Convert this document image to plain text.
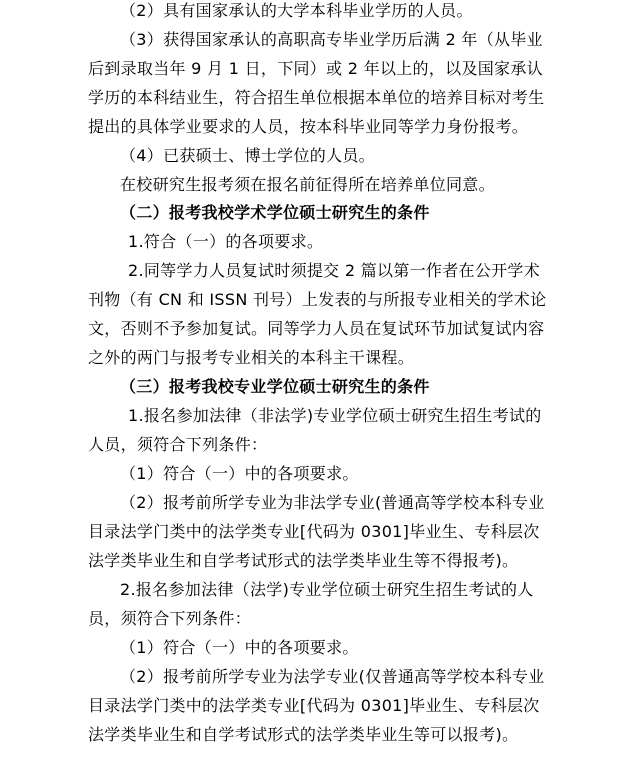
（2）具有国家承认的大学本科毕业学历的人员。
（3）获得国家承认的高职高专毕业学历后满 2 年（从毕业
后到录取当年 9 月 1 日，下同）或 2 年以上的，以及国家承认
学历的本科结业生，符合招生单位根据本单位的培养目标对考生
提出的具体学业要求的人员，按本科毕业同等学力身份报考。
（4）已获硕士、博士学位的人员。
在校研究生报考须在报名前征得所在培养单位同意。
（二）报考我校学术学位硕士研究生的条件
1.符合（一）的各项要求。
2.同等学力人员复试时须提交 2 篇以第一作者在公开学术
刊物（有 CN 和 ISSN 刊号）上发表的与所报专业相关的学术论
文，否则不予参加复试。同等学力人员在复试环节加试复试内容
之外的两门与报考专业相关的本科主干课程。
（三）报考我校专业学位硕士研究生的条件
1.报名参加法律（非法学)专业学位硕士研究生招生考试的
人员，须符合下列条件：
（1）符合（一）中的各项要求。
（2）报考前所学专业为非法学专业(普通高等学校本科专业
目录法学门类中的法学类专业[代码为 0301]毕业生、专科层次
法学类毕业生和自学考试形式的法学类毕业生等不得报考)。
2.报名参加法律（法学)专业学位硕士研究生招生考试的人
员，须符合下列条件：
（1）符合（一）中的各项要求。
（2）报考前所学专业为法学专业(仅普通高等学校本科专业
目录法学门类中的法学类专业[代码为 0301]毕业生、专科层次
法学类毕业生和自学考试形式的法学类毕业生等可以报考)。
